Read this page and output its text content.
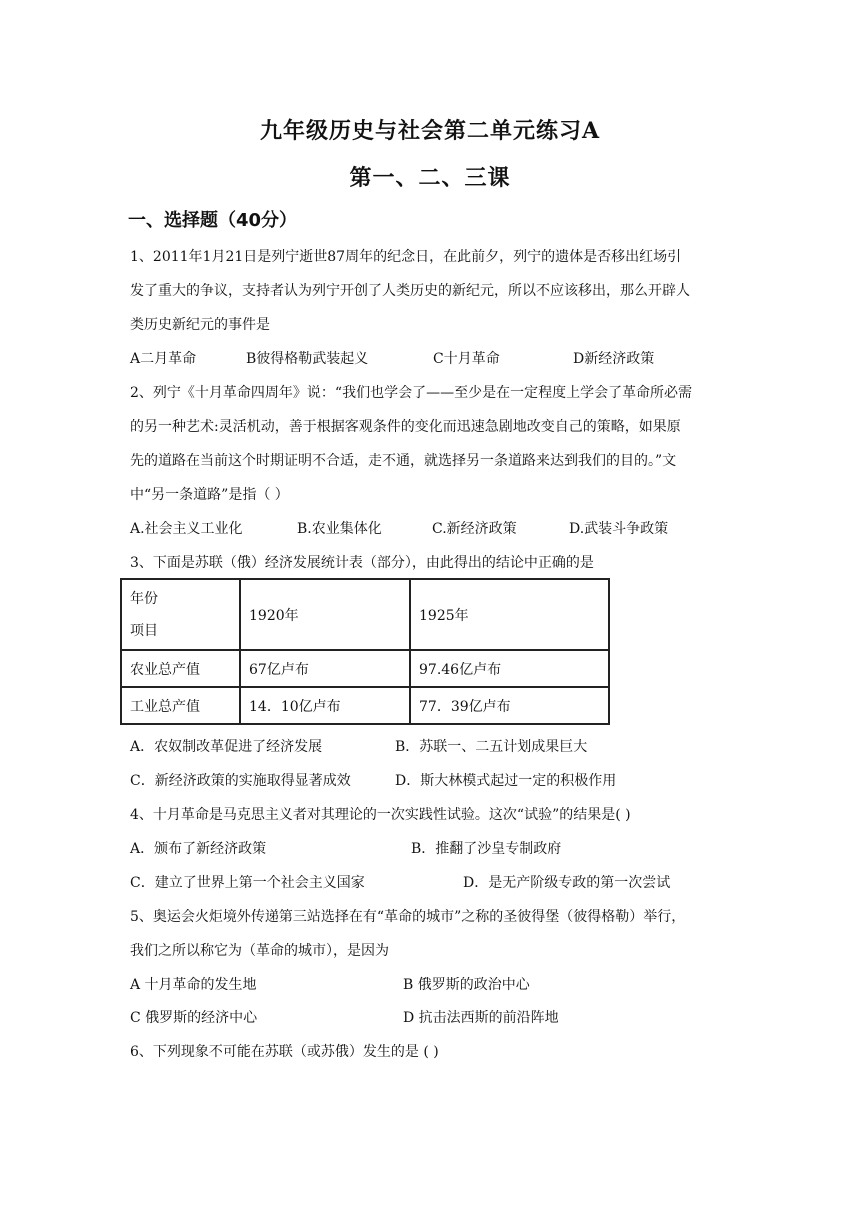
九年级历史与社会第二单元练习A
第一、二、三课
一、选择题（40分）
1、2011年1月21日是列宁逝世87周年的纪念日，在此前夕，列宁的遗体是否移出红场引
发了重大的争议，支持者认为列宁开创了人类历史的新纪元，所以不应该移出，那么开辟人
类历史新纪元的事件是
A二月革命	B彼得格勒武装起义	C十月革命	D新经济政策
2、列宁《十月革命四周年》说：“我们也学会了——至少是在一定程度上学会了革命所必需
的另一种艺术:灵活机动，善于根据客观条件的变化而迅速急剧地改变自己的策略，如果原
先的道路在当前这个时期证明不合适，走不通，就选择另一条道路来达到我们的目的。”文
中“另一条道路”是指（ ）
A.社会主义工业化	B.农业集体化	C.新经济政策	D.武装斗争政策
3、下面是苏联（俄）经济发展统计表（部分），由此得出的结论中正确的是
年份
项目	1920年	1925年
农业总产值	67亿卢布	97.46亿卢布
工业总产值	14．10亿卢布	77．39亿卢布
A．农奴制改革促进了经济发展	B．苏联一、二五计划成果巨大
C．新经济政策的实施取得显著成效	D．斯大林模式起过一定的积极作用
4、十月革命是马克思主义者对其理论的一次实践性试验。这次“试验”的结果是( )
A．颁布了新经济政策	B．推翻了沙皇专制政府
C．建立了世界上第一个社会主义国家	D．是无产阶级专政的第一次尝试
5、奥运会火炬境外传递第三站选择在有“革命的城市”之称的圣彼得堡（彼得格勒）举行，
我们之所以称它为（革命的城市），是因为
A 十月革命的发生地	B 俄罗斯的政治中心
C 俄罗斯的经济中心	D 抗击法西斯的前沿阵地
6、下列现象不可能在苏联（或苏俄）发生的是 ( )
